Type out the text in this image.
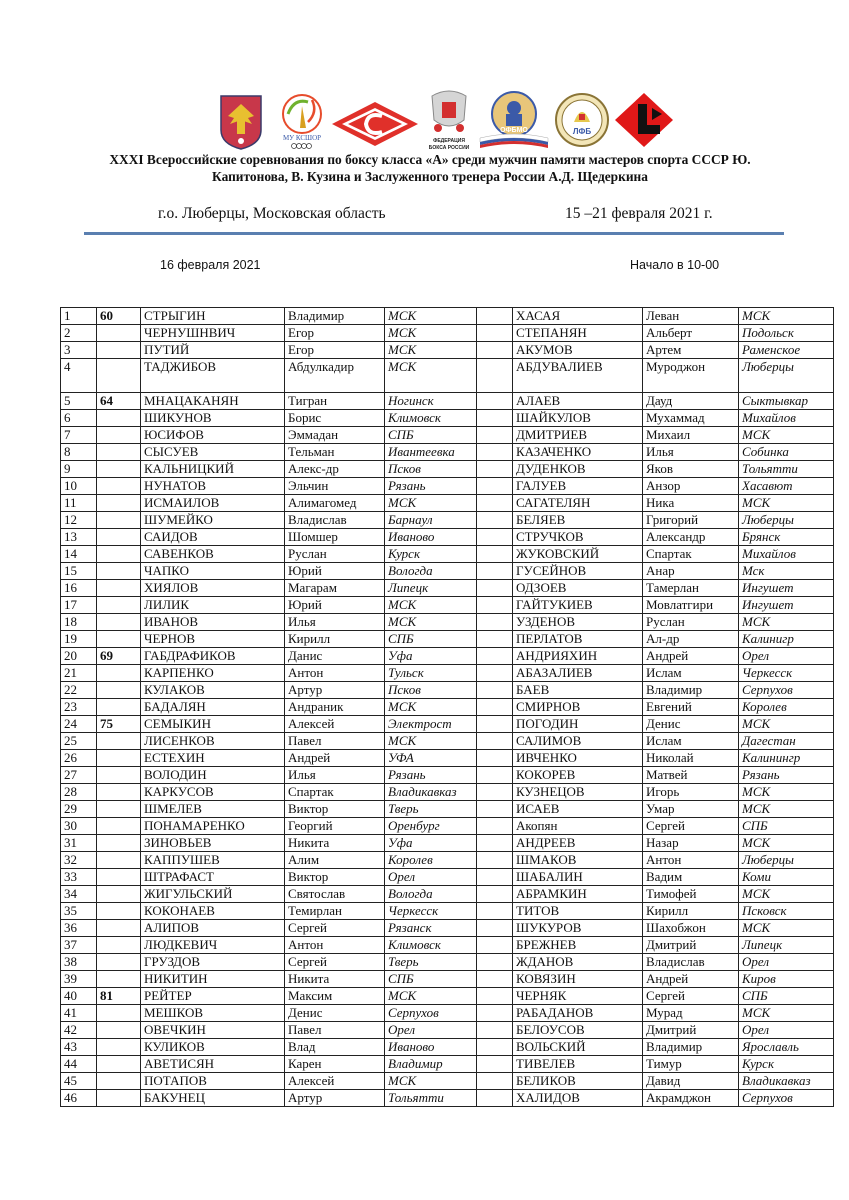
МУ КСШОР	ФЕДЕРАЦИЯ
БОКСА РОССИИ
ОФБМО	ЛФБ
XXXI Всероссийские соревнования по боксу класса «А» среди мужчин памяти мастеров спорта СССР Ю.
Капитонова, В. Кузина и Заслуженного тренера России А.Д. Щедеркина
г.о. Люберцы, Московская область	15 –21 февраля 2021 г.
16 февраля 2021	Начало в 10-00
1	60	СТРЫГИН	Владимир	МСК		ХАСАЯ	Леван	МСК
2		ЧЕРНУШНВИЧ	Егор	МСК		СТЕПАНЯН	Альберт	Подольск
3		ПУТИЙ	Егор	МСК		АКУМОВ	Артем	Раменское
4		ТАДЖИБОВ	Абдулкадир	МСК		АБДУВАЛИЕВ	Муроджон	Люберцы
5	64	МНАЦАКАНЯН	Тигран	Ногинск		АЛАЕВ	Дауд	Сыктывкар
6		ШИКУНОВ	Борис	Климовск		ШАЙКУЛОВ	Мухаммад	Михайлов
7		ЮСИФОВ	Эммадан	СПБ		ДМИТРИЕВ	Михаил	МСК
8		СЫСУЕВ	Тельман	Ивантеевка		КАЗАЧЕНКО	Илья	Собинка
9		КАЛЬНИЦКИЙ	Алекс-др	Псков		ДУДЕНКОВ	Яков	Тольятти
10		НУНАТОВ	Эльчин	Рязань		ГАЛУЕВ	Анзор	Хасавют
11		ИСМАИЛОВ	Алимагомед	МСК		САГАТЕЛЯН	Ника	МСК
12		ШУМЕЙКО	Владислав	Барнаул		БЕЛЯЕВ	Григорий	Люберцы
13		САИДОВ	Шомшер	Иваново		СТРУЧКОВ	Александр	Брянск
14		САВЕНКОВ	Руслан	Курск		ЖУКОВСКИЙ	Спартак	Михайлов
15		ЧАПКО	Юрий	Вологда		ГУСЕЙНОВ	Анар	Мск
16		ХИЯЛОВ	Магарам	Липецк		ОДЗОЕВ	Тамерлан	Ингушет
17		ЛИЛИК	Юрий	МСК		ГАЙТУКИЕВ	Мовлатгири	Ингушет
18		ИВАНОВ	Илья	МСК		УЗДЕНОВ	Руслан	МСК
19		ЧЕРНОВ	Кирилл	СПБ		ПЕРЛАТОВ	Ал-др	Калинигр
20	69	ГАБДРАФИКОВ	Данис	Уфа		АНДРИЯХИН	Андрей	Орел
21		КАРПЕНКО	Антон	Тульск		АБАЗАЛИЕВ	Ислам	Черкесск
22		КУЛАКОВ	Артур	Псков		БАЕВ	Владимир	Серпухов
23		БАДАЛЯН	Андраник	МСК		СМИРНОВ	Евгений	Королев
24	75	СЕМЫКИН	Алексей	Электрост		ПОГОДИН	Денис	МСК
25		ЛИСЕНКОВ	Павел	МСК		САЛИМОВ	Ислам	Дагестан
26		ЕСТЕХИН	Андрей	УФА		ИВЧЕНКО	Николай	Калинингр
27		ВОЛОДИН	Илья	Рязань		КОКОРЕВ	Матвей	Рязань
28		КАРКУСОВ	Спартак	Владикавказ		КУЗНЕЦОВ	Игорь	МСК
29		ШМЕЛЕВ	Виктор	Тверь		ИСАЕВ	Умар	МСК
30		ПОНАМАРЕНКО	Георгий	Оренбург		Акопян	Сергей	СПБ
31		ЗИНОВЬЕВ	Никита	Уфа		АНДРЕЕВ	Назар	МСК
32		КАППУШЕВ	Алим	Королев		ШМАКОВ	Антон	Люберцы
33		ШТРАФАСТ	Виктор	Орел		ШАБАЛИН	Вадим	Коми
34		ЖИГУЛЬСКИЙ	Святослав	Вологда		АБРАМКИН	Тимофей	МСК
35		КОКОНАЕВ	Темирлан	Черкесск		ТИТОВ	Кирилл	Псковск
36		АЛИПОВ	Сергей	Рязанск		ШУКУРОВ	Шахобжон	МСК
37		ЛЮДКЕВИЧ	Антон	Климовск		БРЕЖНЕВ	Дмитрий	Липецк
38		ГРУЗДОВ	Сергей	Тверь		ЖДАНОВ	Владислав	Орел
39		НИКИТИН	Никита	СПБ		КОВЯЗИН	Андрей	Киров
40	81	РЕЙТЕР	Максим	МСК		ЧЕРНЯК	Сергей	СПБ
41		МЕШКОВ	Денис	Серпухов		РАБАДАНОВ	Мурад	МСК
42		ОВЕЧКИН	Павел	Орел		БЕЛОУСОВ	Дмитрий	Орел
43		КУЛИКОВ	Влад	Иваново		ВОЛЬСКИЙ	Владимир	Ярославль
44		АВЕТИСЯН	Карен	Владимир		ТИВЕЛЕВ	Тимур	Курск
45		ПОТАПОВ	Алексей	МСК		БЕЛИКОВ	Давид	Владикавказ
46		БАКУНЕЦ	Артур	Тольятти		ХАЛИДОВ	Акрамджон	Серпухов
